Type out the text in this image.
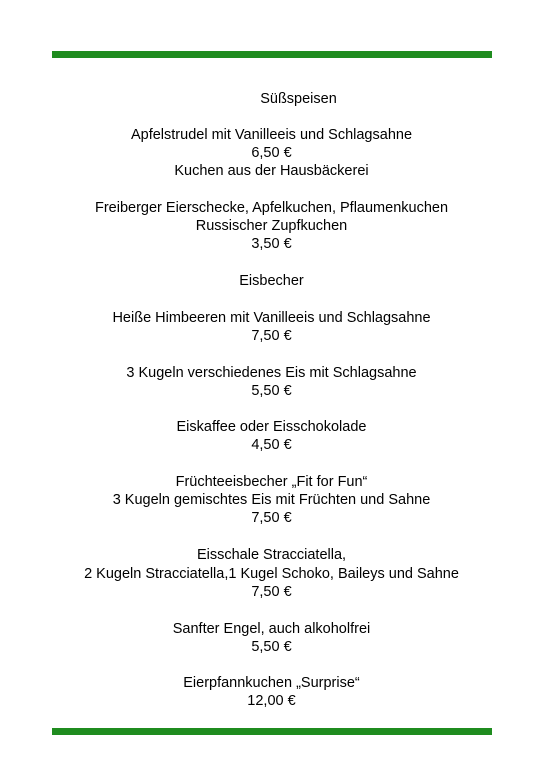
Süßspeisen
Apfelstrudel mit Vanilleeis und Schlagsahne
6,50 €
Kuchen aus der Hausbäckerei
Freiberger Eierschecke, Apfelkuchen, Pflaumenkuchen
Russischer Zupfkuchen
3,50 €
Eisbecher
Heiße Himbeeren mit Vanilleeis und Schlagsahne
7,50 €
3 Kugeln verschiedenes Eis mit Schlagsahne
5,50 €
Eiskaffee oder Eisschokolade
4,50 €
Früchteeisbecher „Fit for Fun“
3 Kugeln gemischtes Eis mit Früchten und Sahne
7,50 €
Eisschale Stracciatella,
2 Kugeln Stracciatella,1 Kugel Schoko, Baileys und Sahne
7,50 €
Sanfter Engel, auch alkoholfrei
5,50 €
Eierpfannkuchen „Surprise“
12,00 €
